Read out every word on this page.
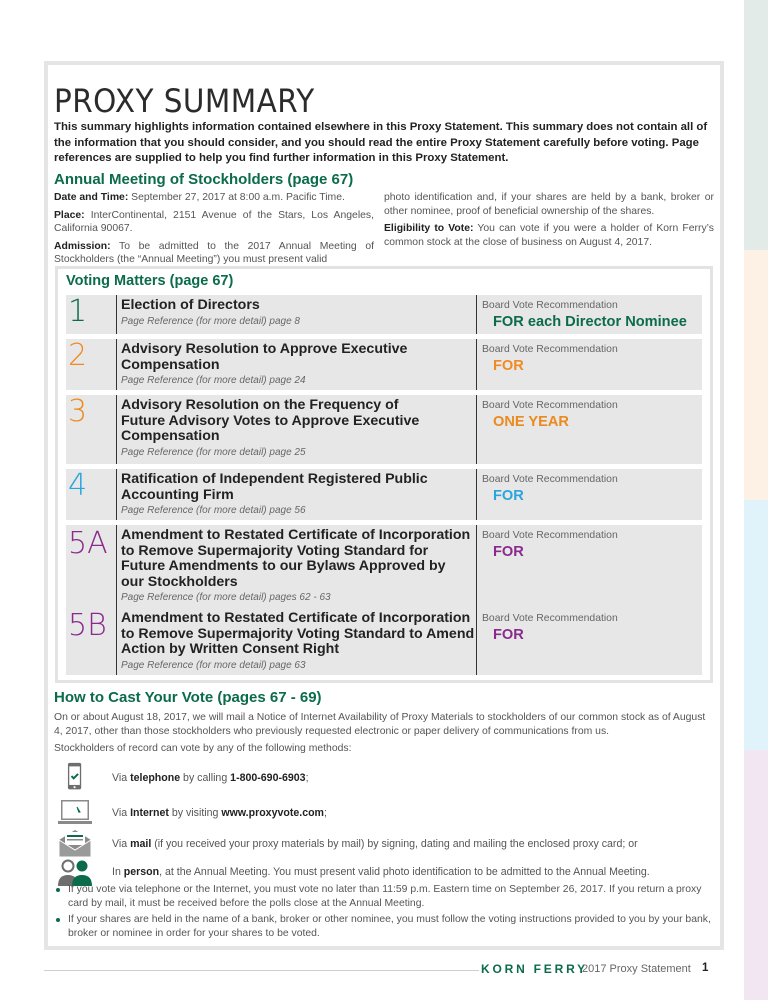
PROXY SUMMARY

This summary highlights information contained elsewhere in this Proxy Statement. This summary does not contain all of the information that you should consider, and you should read the entire Proxy Statement carefully before voting. Page references are supplied to help you find further information in this Proxy Statement.

Annual Meeting of Stockholders (page 67)

Date and Time: September 27, 2017 at 8:00 a.m. Pacific Time.

Place: InterContinental, 2151 Avenue of the Stars, Los Angeles, California 90067.

Admission: To be admitted to the 2017 Annual Meeting of Stockholders (the “Annual Meeting”) you must present valid

photo identification and, if your shares are held by a bank, broker or other nominee, proof of beneficial ownership of the shares.

Eligibility to Vote: You can vote if you were a holder of Korn Ferry’s common stock at the close of business on August 4, 2017.

Voting Matters (page 67)
1	Election of Directors
Page Reference (for more detail) page 8
Board Vote Recommendation
FOR each Director Nominee
2	Advisory Resolution to Approve Executive Compensation
Page Reference (for more detail) page 24
Board Vote Recommendation
FOR
3	Advisory Resolution on the Frequency of Future Advisory Votes to Approve Executive Compensation
Page Reference (for more detail) page 25
Board Vote Recommendation
ONE YEAR
4	Ratification of Independent Registered Public Accounting Firm
Page Reference (for more detail) page 56
Board Vote Recommendation
FOR
5A Amendment to Restated Certificate of Incorporation to Remove Supermajority Voting Standard for Future Amendments to our Bylaws Approved by our Stockholders
Page Reference (for more detail) pages 62 - 63
Board Vote Recommendation
FOR
5B	Amendment to Restated Certificate of Incorporation to Remove Supermajority Voting Standard to Amend Action by Written Consent Right
Page Reference (for more detail) page 63
Board Vote Recommendation
FOR
How to Cast Your Vote (pages 67 - 69)

On or about August 18, 2017, we will mail a Notice of Internet Availability of Proxy Materials to stockholders of our common stock as of August 4, 2017, other than those stockholders who previously requested electronic or paper delivery of communications from us.

Stockholders of record can vote by any of the following methods:

Via telephone by calling 1-800-690-6903;
Via Internet by visiting www.proxyvote.com;
Via mail (if you received your proxy materials by mail) by signing, dating and mailing the enclosed proxy card; or
In person, at the Annual Meeting. You must present valid photo identification to be admitted to the Annual Meeting.
If you vote via telephone or the Internet, you must vote no later than 11:59 p.m. Eastern time on September 26, 2017. If you return a proxy card by mail, it must be received before the polls close at the Annual Meeting.
If your shares are held in the name of a bank, broker or other nominee, you must follow the voting instructions provided to you by your bank, broker or nominee in order for your shares to be voted.
KORN FERRY
2017 Proxy Statement 1
